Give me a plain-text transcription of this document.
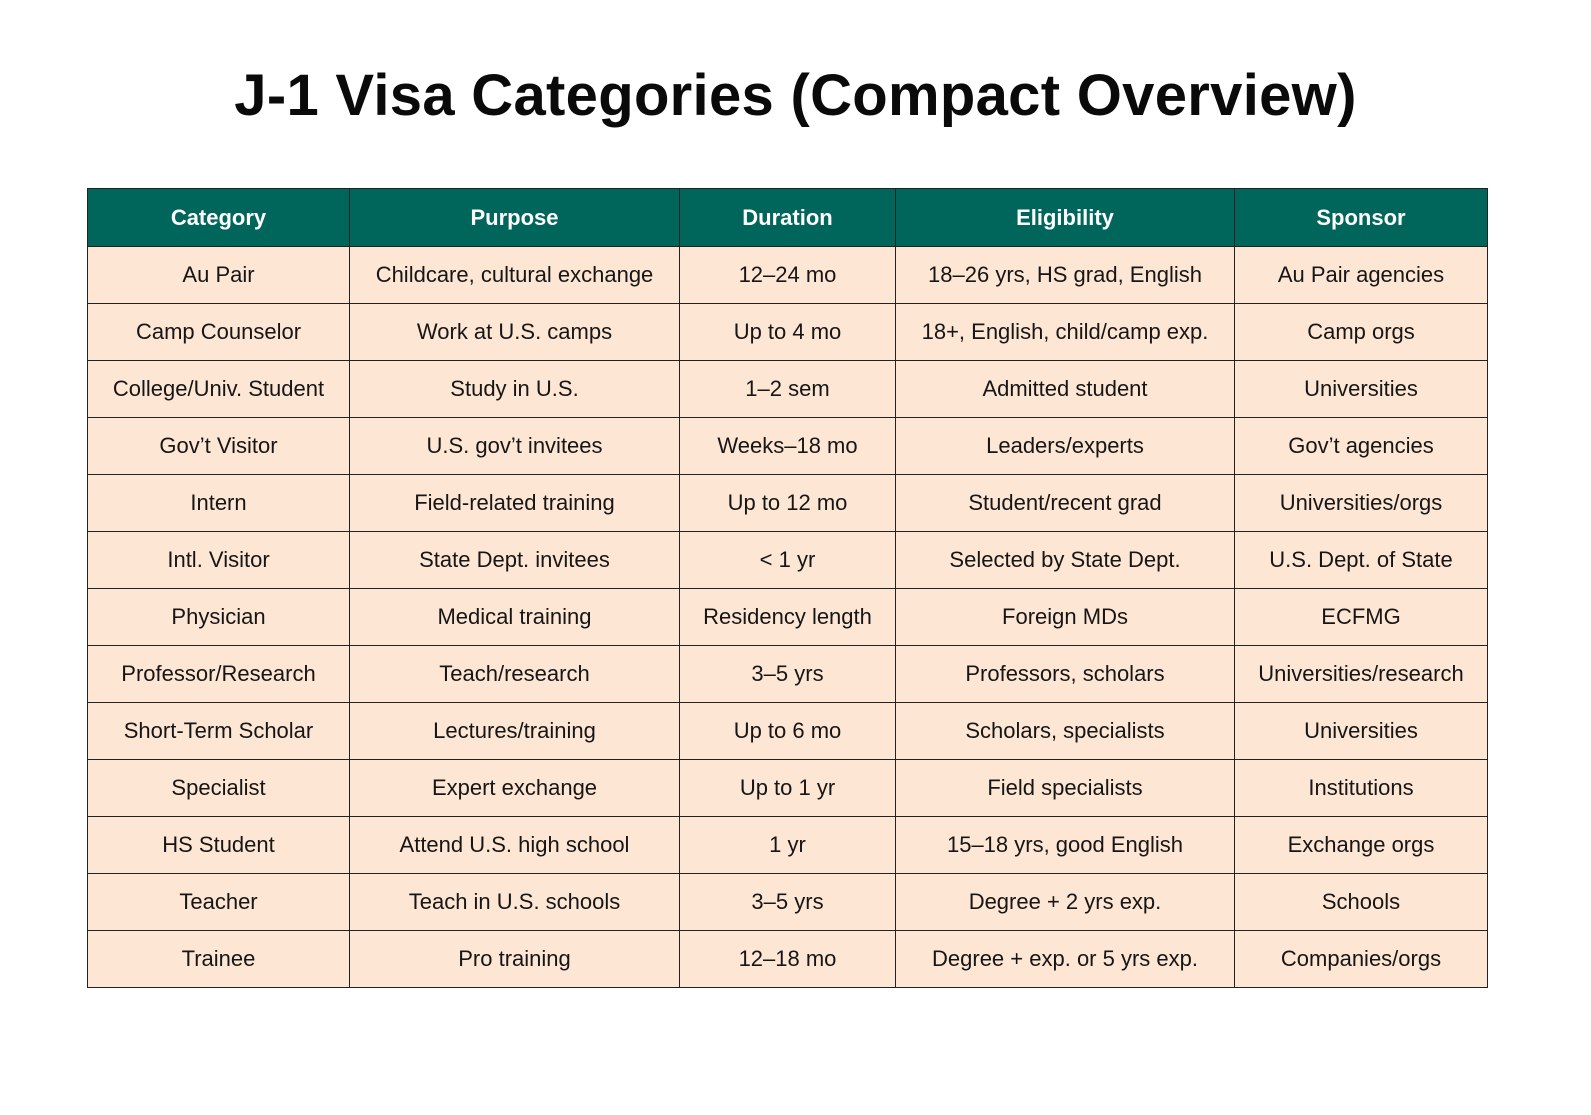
J-1 Visa Categories (Compact Overview)
Category	Purpose	Duration	Eligibility	Sponsor
Au Pair	Childcare, cultural exchange	12–24 mo	18–26 yrs, HS grad, English	Au Pair agencies
Camp Counselor	Work at U.S. camps	Up to 4 mo	18+, English, child/camp exp.	Camp orgs
College/Univ. Student	Study in U.S.	1–2 sem	Admitted student	Universities
Gov’t Visitor	U.S. gov’t invitees	Weeks–18 mo	Leaders/experts	Gov’t agencies
Intern	Field-related training	Up to 12 mo	Student/recent grad	Universities/orgs
Intl. Visitor	State Dept. invitees	< 1 yr	Selected by State Dept.	U.S. Dept. of State
Physician	Medical training	Residency length	Foreign MDs	ECFMG
Professor/Research	Teach/research	3–5 yrs	Professors, scholars	Universities/research
Short-Term Scholar	Lectures/training	Up to 6 mo	Scholars, specialists	Universities
Specialist	Expert exchange	Up to 1 yr	Field specialists	Institutions
HS Student	Attend U.S. high school	1 yr	15–18 yrs, good English	Exchange orgs
Teacher	Teach in U.S. schools	3–5 yrs	Degree + 2 yrs exp.	Schools
Trainee	Pro training	12–18 mo	Degree + exp. or 5 yrs exp.	Companies/orgs
